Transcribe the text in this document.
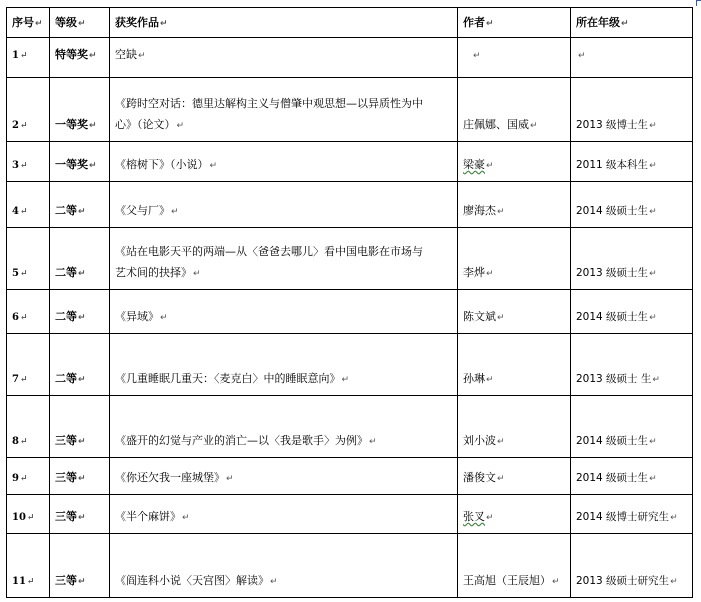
序号↵	等级↵	获奖作品↵	作者↵	所在年级↵
1↵	特等奖↵	空缺↵	↵	↵
2↵	一等奖↵	《跨时空对话：德里达解构主义与僧肇中观思想—以异质性为中
心》（论文）↵	庄佩娜、国威↵	2013 级博士生↵
3↵	一等奖↵	《榕树下》（小说）↵	梁豪↵	2011 级本科生↵
4↵	二等↵	《父与厂》↵	廖海杰↵	2014 级硕士生↵
5↵	二等↵	《站在电影天平的两端—从〈爸爸去哪儿〉看中国电影在市场与
艺术间的抉择》↵	李烨↵	2013 级硕士生↵
6↵	二等↵	《异域》↵	陈文斌↵	2014 级硕士生↵
7↵	二等↵	《几重睡眠几重天：〈麦克白〉中的睡眠意向》↵	孙琳↵	2013 级硕士 生↵
8↵	三等↵	《盛开的幻觉与产业的消亡—以〈我是歌手〉为例》↵	刘小波↵	2014 级硕士生↵
9↵	三等↵	《你还欠我一座城堡》↵	潘俊文↵	2014 级硕士生↵
10↵	三等↵	《半个麻饼》↵	张叉↵	2014 级博士研究生↵
11↵	三等↵	《阎连科小说〈天宫图〉解读》↵	王高旭（王辰旭）↵	2013 级硕士研究生↵
